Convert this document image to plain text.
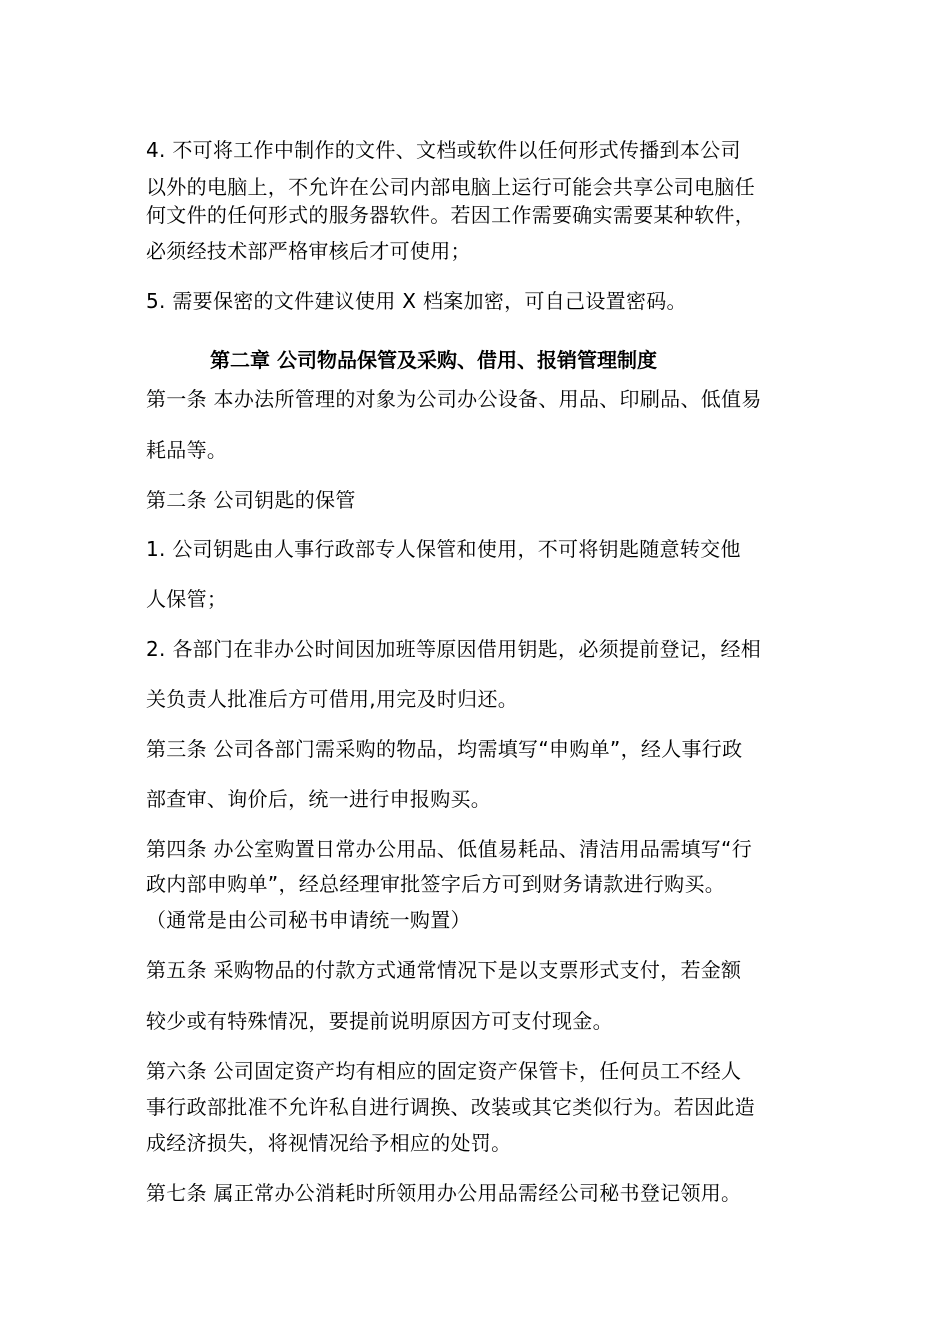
4. 不可将工作中制作的文件、文档或软件以任何形式传播到本公司
以外的电脑上，不允许在公司内部电脑上运行可能会共享公司电脑任
何文件的任何形式的服务器软件。若因工作需要确实需要某种软件，
必须经技术部严格审核后才可使用；
5. 需要保密的文件建议使用 X 档案加密，可自己设置密码。
第二章 公司物品保管及采购、借用、报销管理制度
第一条 本办法所管理的对象为公司办公设备、用品、印刷品、低值易
耗品等。
第二条 公司钥匙的保管
1. 公司钥匙由人事行政部专人保管和使用，不可将钥匙随意转交他
人保管；
2. 各部门在非办公时间因加班等原因借用钥匙，必须提前登记，经相
关负责人批准后方可借用,用完及时归还。
第三条 公司各部门需采购的物品，均需填写“申购单”，经人事行政
部查审、询价后，统一进行申报购买。
第四条 办公室购置日常办公用品、低值易耗品、清洁用品需填写“行
政内部申购单”，经总经理审批签字后方可到财务请款进行购买。
（通常是由公司秘书申请统一购置）
第五条 采购物品的付款方式通常情况下是以支票形式支付，若金额
较少或有特殊情况，要提前说明原因方可支付现金。
第六条 公司固定资产均有相应的固定资产保管卡，任何员工不经人
事行政部批准不允许私自进行调换、改装或其它类似行为。若因此造
成经济损失，将视情况给予相应的处罚。
第七条 属正常办公消耗时所领用办公用品需经公司秘书登记领用。
